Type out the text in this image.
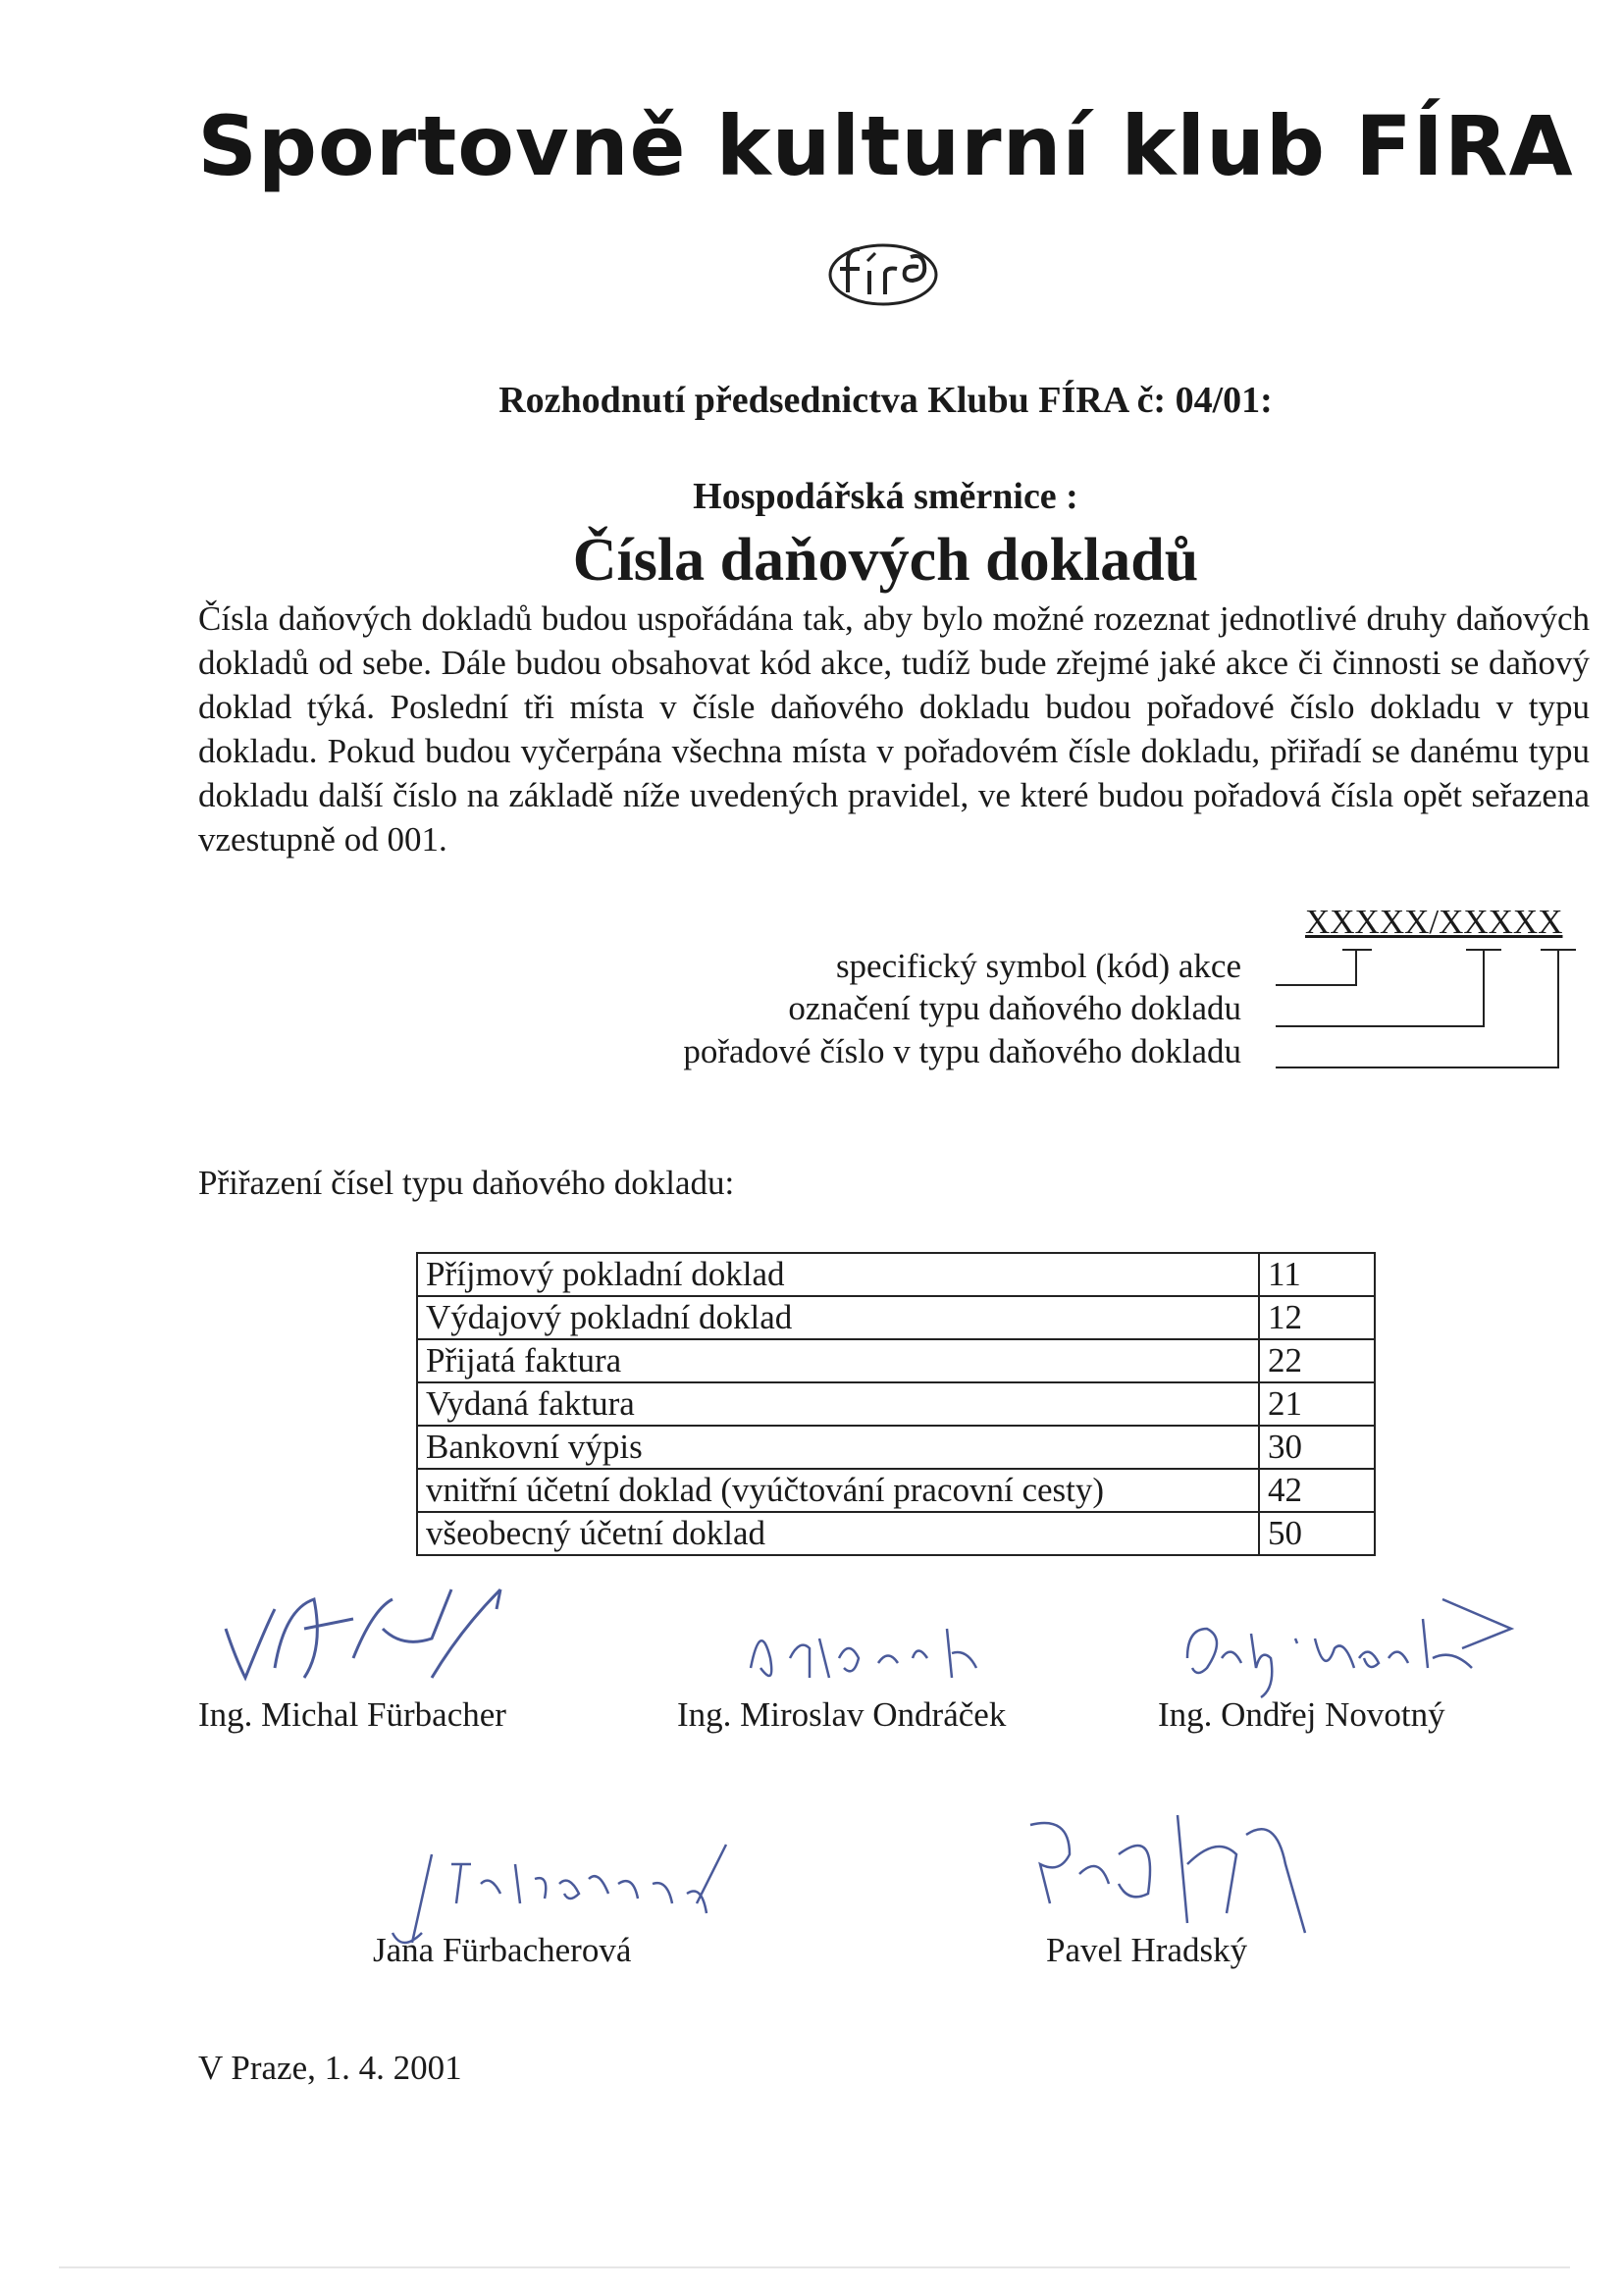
Sportovně kulturní klub FÍRA
Rozhodnutí předsednictva Klubu FÍRA č: 04/01:
Hospodářská směrnice :
Čísla daňových dokladů
Čísla daňových dokladů budou uspořádána tak, aby bylo možné rozeznat jednotlivé druhy daňových dokladů od sebe. Dále budou obsahovat kód akce, tudíž bude zřejmé jaké akce či činnosti se daňový doklad týká. Poslední tři místa v čísle daňového dokladu budou pořadové číslo dokladu v typu dokladu. Pokud budou vyčerpána všechna místa v pořadovém čísle dokladu, přiřadí se danému typu dokladu další číslo na základě níže uvedených pravidel, ve které budou pořadová čísla opět seřazena vzestupně od 001.
XXXXX/XXXXX
specifický symbol (kód) akce
označení typu daňového dokladu
pořadové číslo v typu daňového dokladu
Přiřazení čísel typu daňového dokladu:
Příjmový pokladní doklad	11
Výdajový pokladní doklad	12
Přijatá faktura	22
Vydaná faktura	21
Bankovní výpis	30
vnitřní účetní doklad (vyúčtování pracovní cesty)	42
všeobecný účetní doklad	50
Ing. Michal Fürbacher	Ing. Miroslav Ondráček	Ing. Ondřej Novotný
Jana Fürbacherová	Pavel Hradský
V Praze, 1. 4. 2001
